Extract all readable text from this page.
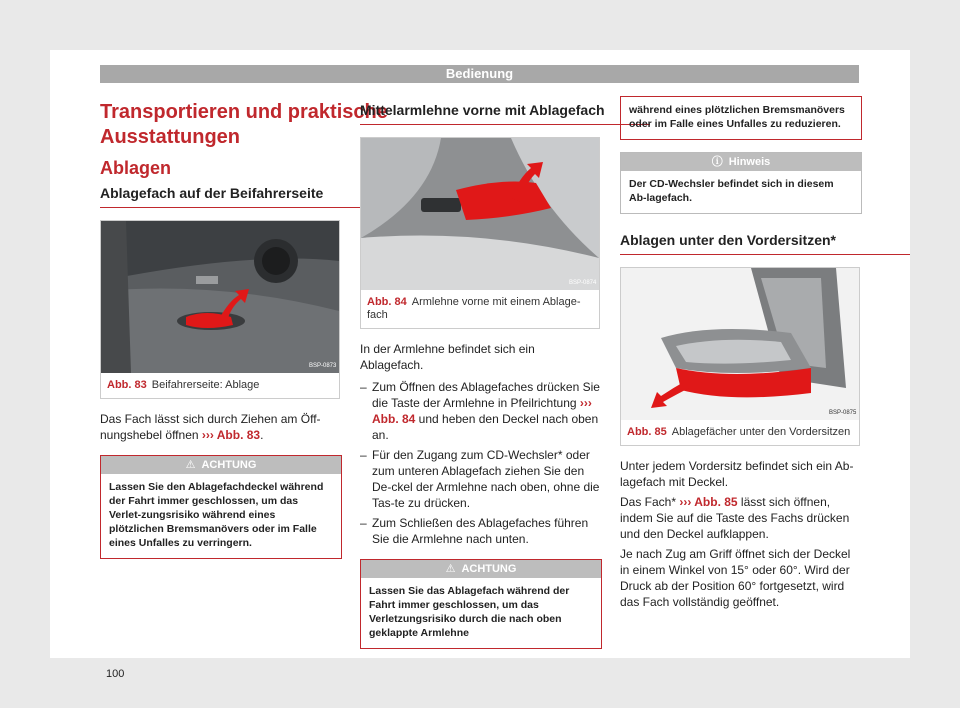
Bedienung
Transportieren und praktische Ausstattungen
Ablagen
Ablagefach auf der Beifahrerseite
BSP-0873
Abb. 83 Beifahrerseite: Ablage

Das Fach lässt sich durch Ziehen am Öff-nungshebel öffnen ››› Abb. 83.

⚠ ACHTUNG
Lassen Sie den Ablagefachdeckel während der Fahrt immer geschlossen, um das Verlet-zungsrisiko während eines plötzlichen Bremsmanövers oder im Falle eines Unfalles zu verringern.
Mittelarmlehne vorne mit Ablagefach
BSP-0874
Abb. 84 Armlehne vorne mit einem Ablage-fach

In der Armlehne befindet sich ein Ablagefach.

– Zum Öffnen des Ablagefaches drücken Sie die Taste der Armlehne in Pfeilrichtung ››› Abb. 84 und heben den Deckel nach oben an.
– Für den Zugang zum CD-Wechsler* oder zum unteren Ablagefach ziehen Sie den De-ckel der Armlehne nach oben, ohne die Tas-te zu drücken.
– Zum Schließen des Ablagefaches führen Sie die Armlehne nach unten.
⚠ ACHTUNG
Lassen Sie das Ablagefach während der Fahrt immer geschlossen, um das Verletzungsrisiko durch die nach oben geklappte Armlehne
während eines plötzlichen Bremsmanövers oder im Falle eines Unfalles zu reduzieren.
ⓘ Hinweis
Der CD-Wechsler befindet sich in diesem Ab-lagefach.
Ablagen unter den Vordersitzen*
BSP-0875
Abb. 85 Ablagefächer unter den Vordersitzen

Unter jedem Vordersitz befindet sich ein Ab-lagefach mit Deckel.

Das Fach* ››› Abb. 85 lässt sich öffnen, indem Sie auf die Taste des Fachs drücken und den Deckel aufklappen.

Je nach Zug am Griff öffnet sich der Deckel in einem Winkel von 15° oder 60°. Wird der Druck ab der Position 60° fortgesetzt, wird das Fach vollständig geöffnet.

100
